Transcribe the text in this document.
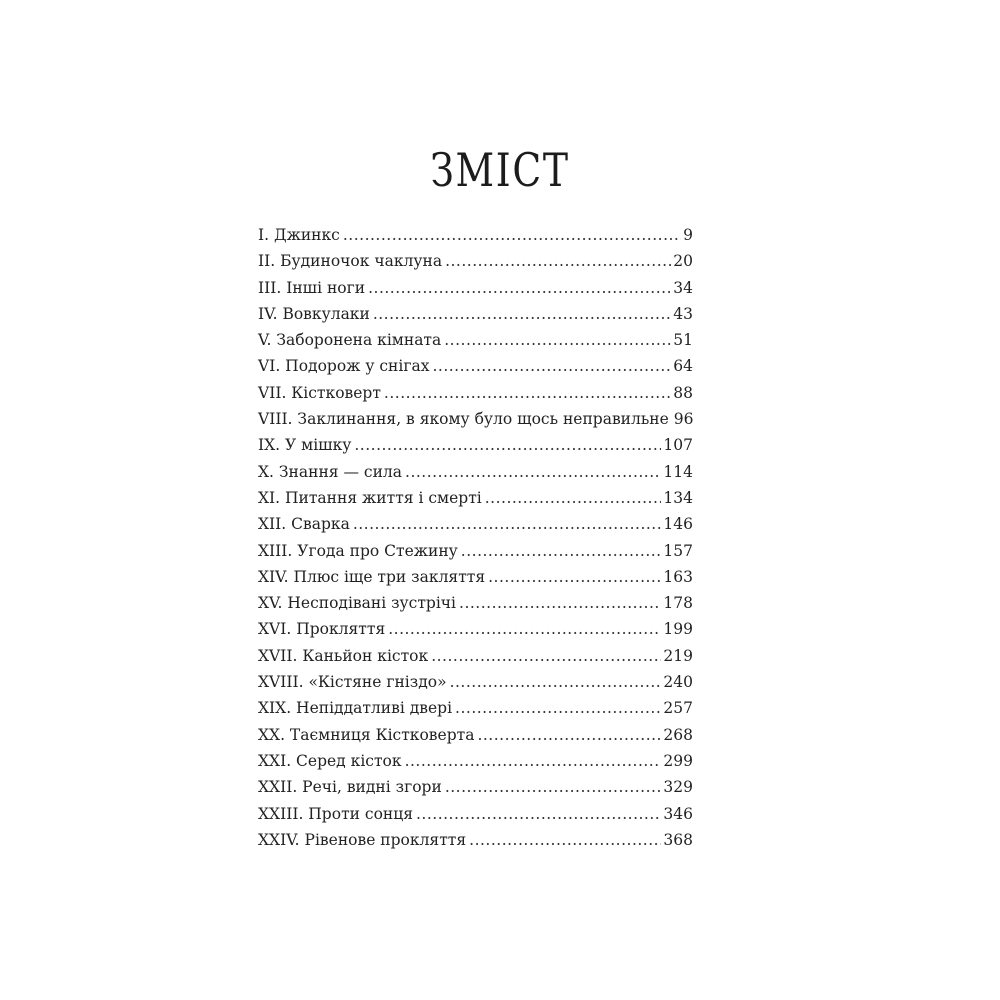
ЗМІСТ
I. Джинкс .....	9
II. Будиночок чаклуна .....	20
III. Інші ноги .....	34
IV. Вовкулаки .....	43
V. Заборонена кімната .....	51
VI. Подорож у снігах .....	64
VII. Кістковерт .....	88
VIII. Заклинання, в якому було щось неправильне 96
IX. У мішку .....	107
X. Знання — сила .....	114
XI. Питання життя і смерті .....	134
XII. Сварка .....	146
XIII. Угода про Стежину .....	157
XIV. Плюс іще три закляття .....	163
XV. Несподівані зустрічі .....	178
XVI. Прокляття .....	199
XVII. Каньйон кісток .....	219
XVIII. «Кістяне гніздо» .....	240
XIX. Непіддатливі двері .....	257
XX. Таємниця Кістковерта .....	268
XXI. Серед кісток .....	299
XXII. Речі, видні згори .....	329
XXIII. Проти сонця .....	346
XXIV. Рівенове прокляття .....	368
